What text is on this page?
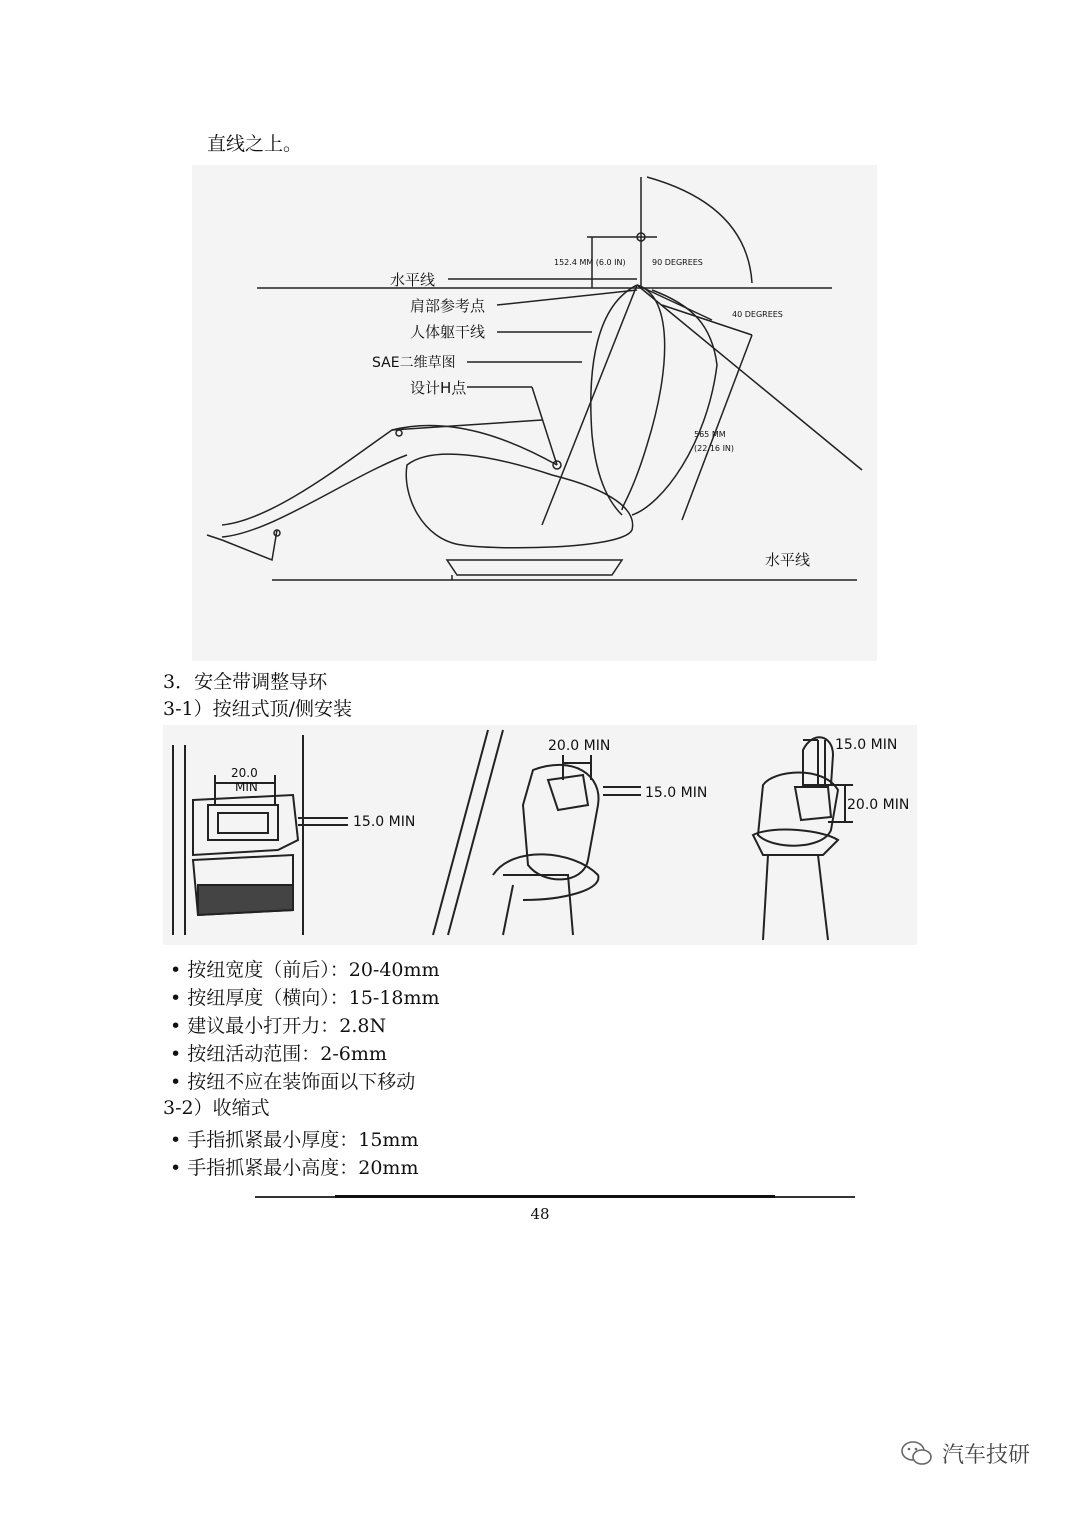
直线之上。
水平线
肩部参考点
人体躯干线
SAE二维草图
设计H点
水平线
152.4 MM (6.0 IN)	90 DEGREES
40 DEGREES
565 MM
(22.16 IN)
3．安全带调整导环
3-1）按纽式顶/侧安装
20.0
MIN
15.0 MIN
20.0 MIN
15.0 MIN
15.0 MIN
20.0 MIN
• 按纽宽度（前后）：20-40mm
• 按纽厚度（横向）：15-18mm
• 建议最小打开力：2.8N
• 按纽活动范围：2-6mm
• 按纽不应在装饰面以下移动
3-2）收缩式
• 手指抓紧最小厚度：15mm
• 手指抓紧最小高度：20mm
48
汽车技研
